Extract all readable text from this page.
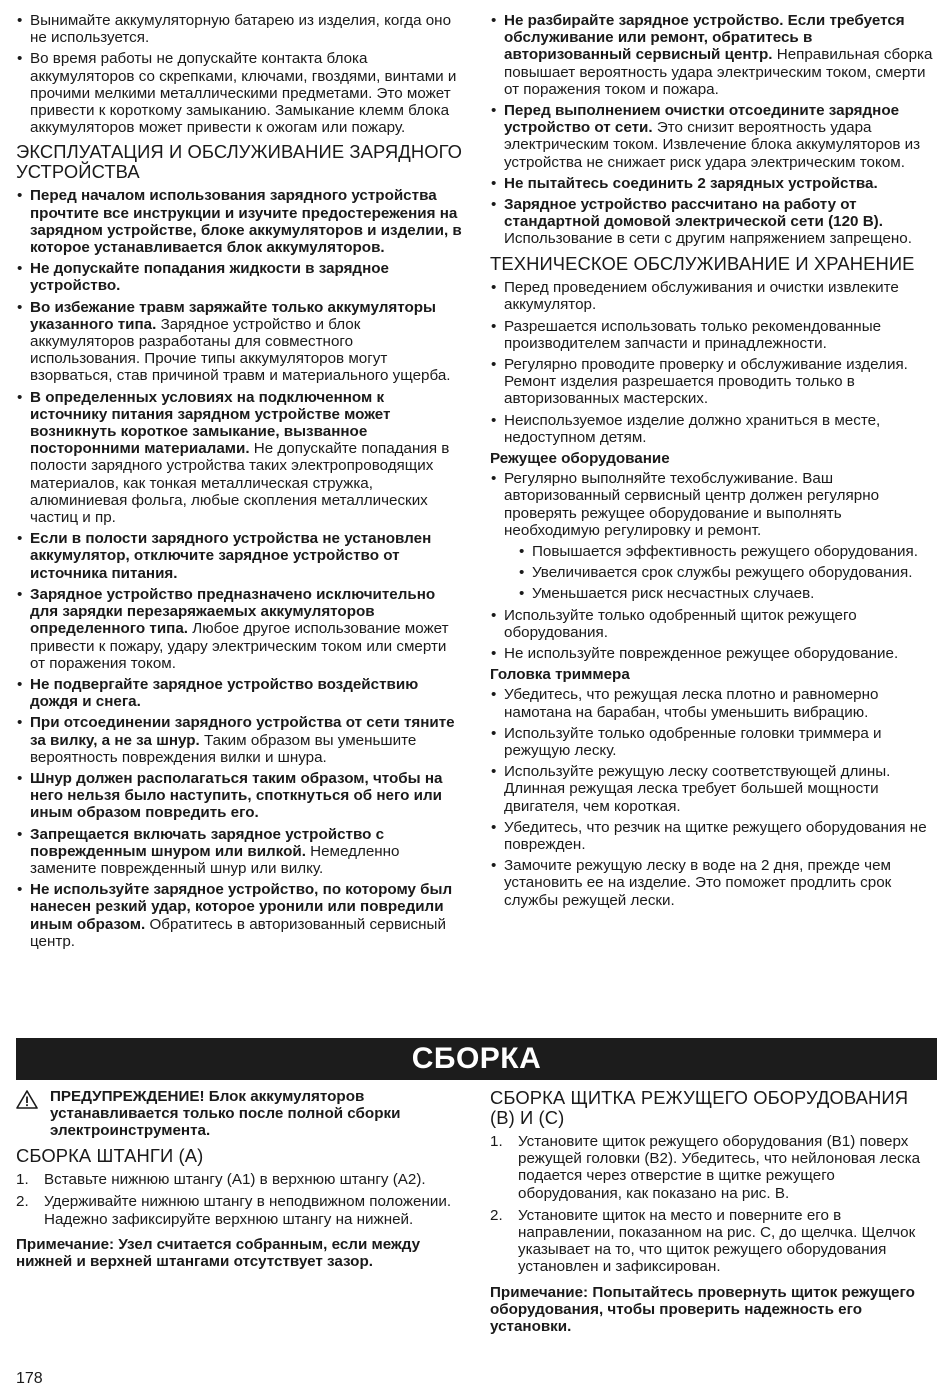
• Вынимайте аккумуляторную батарею из изделия, когда оно не используется.
• Во время работы не допускайте контакта блока аккумуляторов со скрепками, ключами, гвоздями, винтами и прочими мелкими металлическими предметами. Это может привести к короткому замыканию. Замыкание клемм блока аккумуляторов может привести к ожогам или пожару.
ЭКСПЛУАТАЦИЯ И ОБСЛУЖИВАНИЕ ЗАРЯДНОГО УСТРОЙСТВА
• Перед началом использования зарядного устройства прочтите все инструкции и изучите предостережения на зарядном устройстве, блоке аккумуляторов и изделии, в которое устанавливается блок аккумуляторов.
• Не допускайте попадания жидкости в зарядное устройство.
• Во избежание травм заряжайте только аккумуляторы указанного типа. Зарядное устройство и блок аккумуляторов разработаны для совместного использования. Прочие типы аккумуляторов могут взорваться, став причиной травм и материального ущерба.
• В определенных условиях на подключенном к источнику питания зарядном устройстве может возникнуть короткое замыкание, вызванное посторонними материалами. Не допускайте попадания в полости зарядного устройства таких электропроводящих материалов, как тонкая металлическая стружка, алюминиевая фольга, любые скопления металлических частиц и пр.
• Если в полости зарядного устройства не установлен аккумулятор, отключите зарядное устройство от источника питания.
• Зарядное устройство предназначено исключительно для зарядки перезаряжаемых аккумуляторов определенного типа. Любое другое использование может привести к пожару, удару электрическим током или смерти от поражения током.
• Не подвергайте зарядное устройство воздействию дождя и снега.
• При отсоединении зарядного устройства от сети тяните за вилку, а не за шнур. Таким образом вы уменьшите вероятность повреждения вилки и шнура.
• Шнур должен располагаться таким образом, чтобы на него нельзя было наступить, споткнуться об него или иным образом повредить его.
• Запрещается включать зарядное устройство с поврежденным шнуром или вилкой. Немедленно замените поврежденный шнур или вилку.
• Не используйте зарядное устройство, по которому был нанесен резкий удар, которое уронили или повредили иным образом. Обратитесь в авторизованный сервисный центр.
• Не разбирайте зарядное устройство. Если требуется обслуживание или ремонт, обратитесь в авторизованный сервисный центр. Неправильная сборка повышает вероятность удара электрическим током, смерти от поражения током и пожара.
• Перед выполнением очистки отсоедините зарядное устройство от сети. Это снизит вероятность удара электрическим током. Извлечение блока аккумуляторов из устройства не снижает риск удара электрическим током.
• Не пытайтесь соединить 2 зарядных устройства.
• Зарядное устройство рассчитано на работу от стандартной домовой электрической сети (120 В). Использование в сети с другим напряжением запрещено.
ТЕХНИЧЕСКОЕ ОБСЛУЖИВАНИЕ И ХРАНЕНИЕ
• Перед проведением обслуживания и очистки извлеките аккумулятор.
• Разрешается использовать только рекомендованные производителем запчасти и принадлежности.
• Регулярно проводите проверку и обслуживание изделия. Ремонт изделия разрешается проводить только в авторизованных мастерских.
• Неиспользуемое изделие должно храниться в месте, недоступном детям.
Режущее оборудование
• Регулярно выполняйте техобслуживание. Ваш авторизованный сервисный центр должен регулярно проверять режущее оборудование и выполнять необходимую регулировку и ремонт.
• Повышается эффективность режущего оборудования.
• Увеличивается срок службы режущего оборудования.
• Уменьшается риск несчастных случаев.
• Используйте только одобренный щиток режущего оборудования.
• Не используйте поврежденное режущее оборудование.
Головка триммера
• Убедитесь, что режущая леска плотно и равномерно намотана на барабан, чтобы уменьшить вибрацию.
• Используйте только одобренные головки триммера и режущую леску.
• Используйте режущую леску соответствующей длины. Длинная режущая леска требует большей мощности двигателя, чем короткая.
• Убедитесь, что резчик на щитке режущего оборудования не поврежден.
• Замочите режущую леску в воде на 2 дня, прежде чем установить ее на изделие. Это поможет продлить срок службы режущей лески.
СБОРКА
ПРЕДУПРЕЖДЕНИЕ! Блок аккумуляторов устанавливается только после полной сборки электроинструмента.
СБОРКА ШТАНГИ (A)
1. Вставьте нижнюю штангу (A1) в верхнюю штангу (A2).
2. Удерживайте нижнюю штангу в неподвижном положении. Надежно зафиксируйте верхнюю штангу на нижней.

Примечание: Узел считается собранным, если между нижней и верхней штангами отсутствует зазор.

СБОРКА ЩИТКА РЕЖУЩЕГО ОБОРУДОВАНИЯ (B) И (C)
1. Установите щиток режущего оборудования (B1) поверх режущей головки (B2). Убедитесь, что нейлоновая леска подается через отверстие в щитке режущего оборудования, как показано на рис. B.
2. Установите щиток на место и поверните его в направлении, показанном на рис. C, до щелчка. Щелчок указывает на то, что щиток режущего оборудования установлен и зафиксирован.

Примечание: Попытайтесь провернуть щиток режущего оборудования, чтобы проверить надежность его установки.

178
